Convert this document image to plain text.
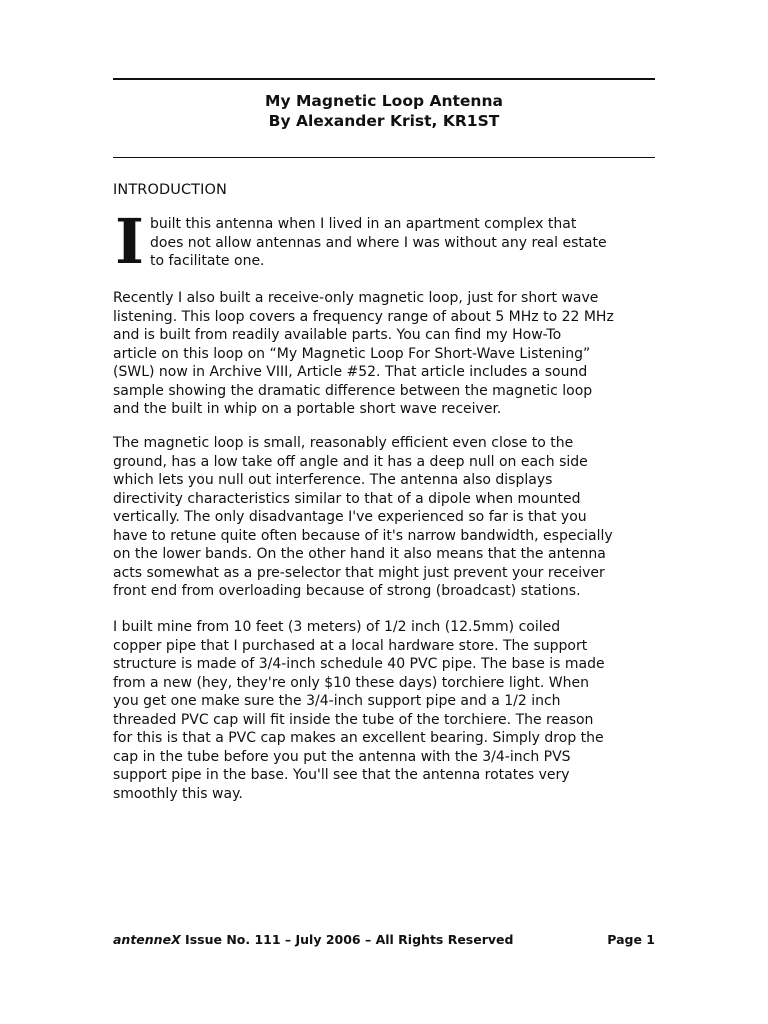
My Magnetic Loop Antenna
By Alexander Krist, KR1ST
INTRODUCTION
I built this antenna when I lived in an apartment complex that
does not allow antennas and where I was without any real estate
to facilitate one.
Recently I also built a receive-only magnetic loop, just for short wave
listening. This loop covers a frequency range of about 5 MHz to 22 MHz
and is built from readily available parts. You can find my How-To
article on this loop on “My Magnetic Loop For Short-Wave Listening”
(SWL) now in Archive VIII, Article #52. That article includes a sound
sample showing the dramatic difference between the magnetic loop
and the built in whip on a portable short wave receiver.
The magnetic loop is small, reasonably efficient even close to the
ground, has a low take off angle and it has a deep null on each side
which lets you null out interference. The antenna also displays
directivity characteristics similar to that of a dipole when mounted
vertically. The only disadvantage I've experienced so far is that you
have to retune quite often because of it's narrow bandwidth, especially
on the lower bands. On the other hand it also means that the antenna
acts somewhat as a pre-selector that might just prevent your receiver
front end from overloading because of strong (broadcast) stations.
I built mine from 10 feet (3 meters) of 1/2 inch (12.5mm) coiled
copper pipe that I purchased at a local hardware store. The support
structure is made of 3/4-inch schedule 40 PVC pipe. The base is made
from a new (hey, they're only $10 these days) torchiere light. When
you get one make sure the 3/4-inch support pipe and a 1/2 inch
threaded PVC cap will fit inside the tube of the torchiere. The reason
for this is that a PVC cap makes an excellent bearing. Simply drop the
cap in the tube before you put the antenna with the 3/4-inch PVS
support pipe in the base. You'll see that the antenna rotates very
smoothly this way.
antenneX Issue No. 111 – July 2006 – All Rights Reserved	Page 1
